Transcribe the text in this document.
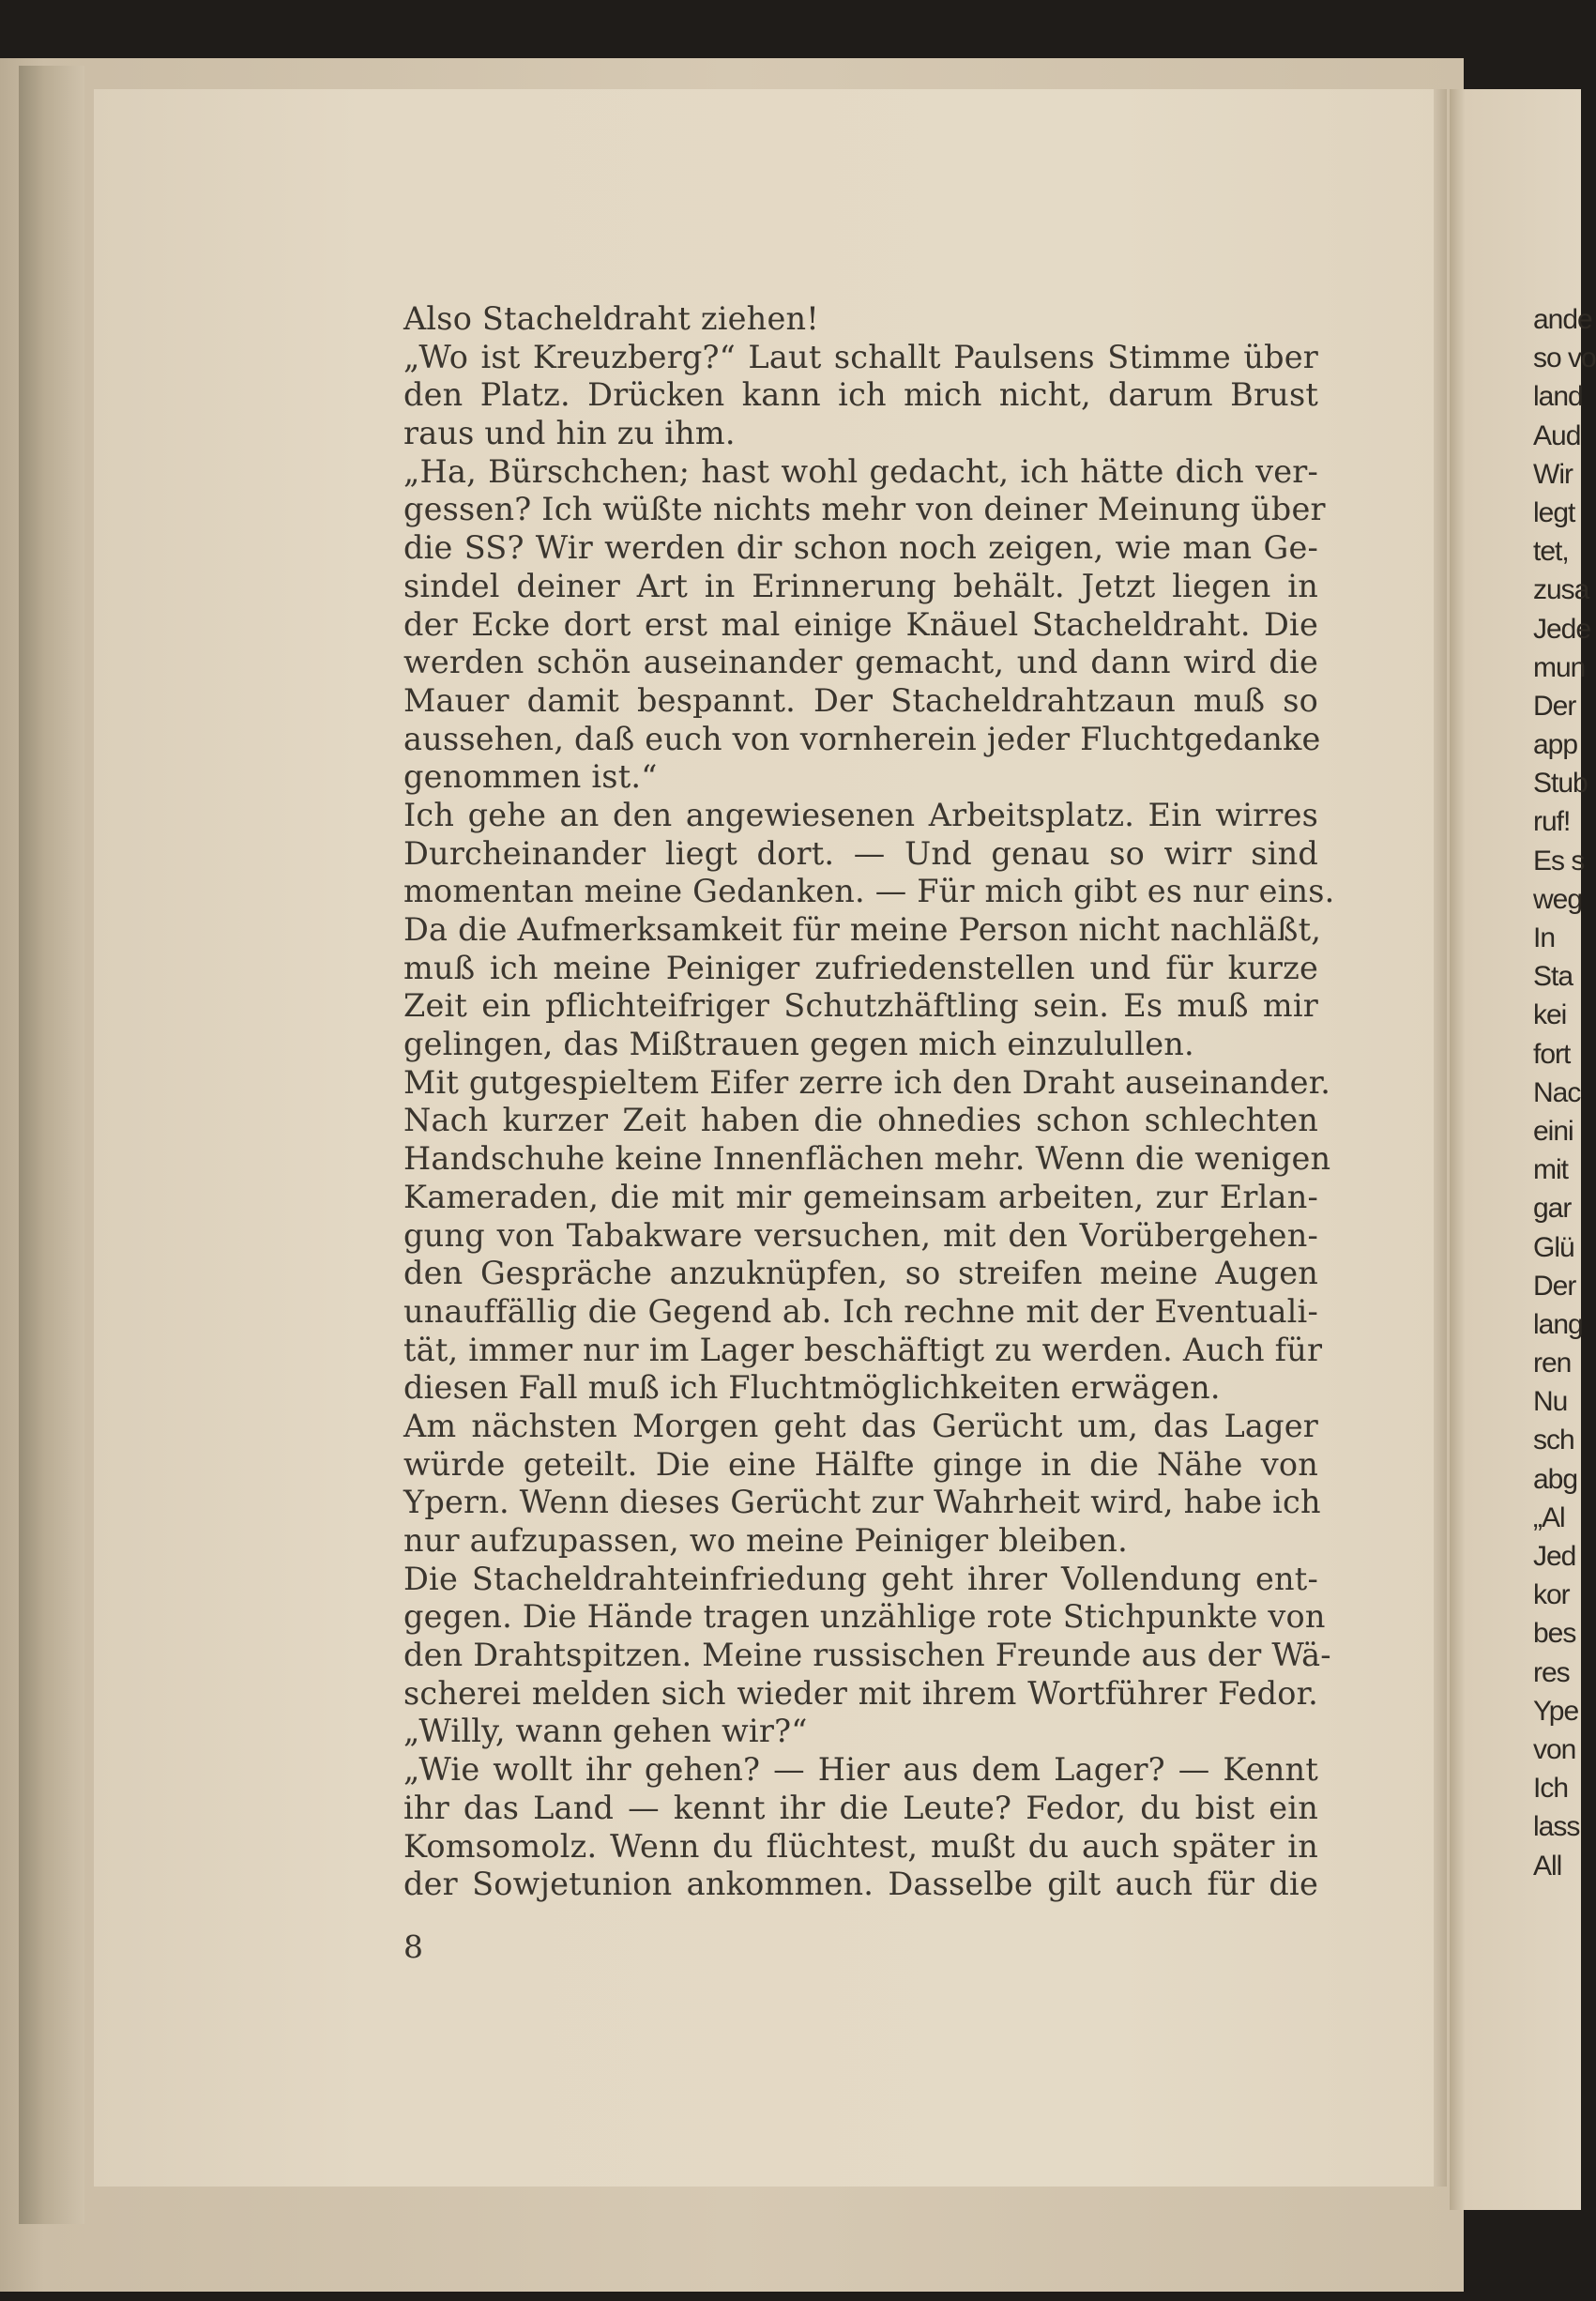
Also Stacheldraht ziehen!
„Wo ist Kreuzberg?“ Laut schallt Paulsens Stimme über
den Platz. Drücken kann ich mich nicht, darum Brust
raus und hin zu ihm.
„Ha, Bürschchen; hast wohl gedacht, ich hätte dich ver-
gessen? Ich wüßte nichts mehr von deiner Meinung über
die SS? Wir werden dir schon noch zeigen, wie man Ge-
sindel deiner Art in Erinnerung behält. Jetzt liegen in
der Ecke dort erst mal einige Knäuel Stacheldraht. Die
werden schön auseinander gemacht, und dann wird die
Mauer damit bespannt. Der Stacheldrahtzaun muß so
aussehen, daß euch von vornherein jeder Fluchtgedanke
genommen ist.“
Ich gehe an den angewiesenen Arbeitsplatz. Ein wirres
Durcheinander liegt dort. — Und genau so wirr sind
momentan meine Gedanken. — Für mich gibt es nur eins.
Da die Aufmerksamkeit für meine Person nicht nachläßt,
muß ich meine Peiniger zufriedenstellen und für kurze
Zeit ein pflichteifriger Schutzhäftling sein. Es muß mir
gelingen, das Mißtrauen gegen mich einzulullen.
Mit gutgespieltem Eifer zerre ich den Draht auseinander.
Nach kurzer Zeit haben die ohnedies schon schlechten
Handschuhe keine Innenflächen mehr. Wenn die wenigen
Kameraden, die mit mir gemeinsam arbeiten, zur Erlan-
gung von Tabakware versuchen, mit den Vorübergehen-
den Gespräche anzuknüpfen, so streifen meine Augen
unauffällig die Gegend ab. Ich rechne mit der Eventuali-
tät, immer nur im Lager beschäftigt zu werden. Auch für
diesen Fall muß ich Fluchtmöglichkeiten erwägen.
Am nächsten Morgen geht das Gerücht um, das Lager
würde geteilt. Die eine Hälfte ginge in die Nähe von
Ypern. Wenn dieses Gerücht zur Wahrheit wird, habe ich
nur aufzupassen, wo meine Peiniger bleiben.
Die Stacheldrahteinfriedung geht ihrer Vollendung ent-
gegen. Die Hände tragen unzählige rote Stichpunkte von
den Drahtspitzen. Meine russischen Freunde aus der Wä-
scherei melden sich wieder mit ihrem Wortführer Fedor.
„Willy, wann gehen wir?“
„Wie wollt ihr gehen? — Hier aus dem Lager? — Kennt
ihr das Land — kennt ihr die Leute? Fedor, du bist ein
Komsomolz. Wenn du flüchtest, mußt du auch später in
der Sowjetunion ankommen. Dasselbe gilt auch für die
8
ande
so vo
land
Aud
Wir
legt
tet,
zusa
Jede
mun
Der
app
Stub
ruf!
Es s
weg
In
Sta
kei
fort
Nac
eini
mit
gar
Glü
Der
lang
ren
Nu
sch
abg
„Al
Jed
kor
bes
res
Ype
von
Ich
lass
All
